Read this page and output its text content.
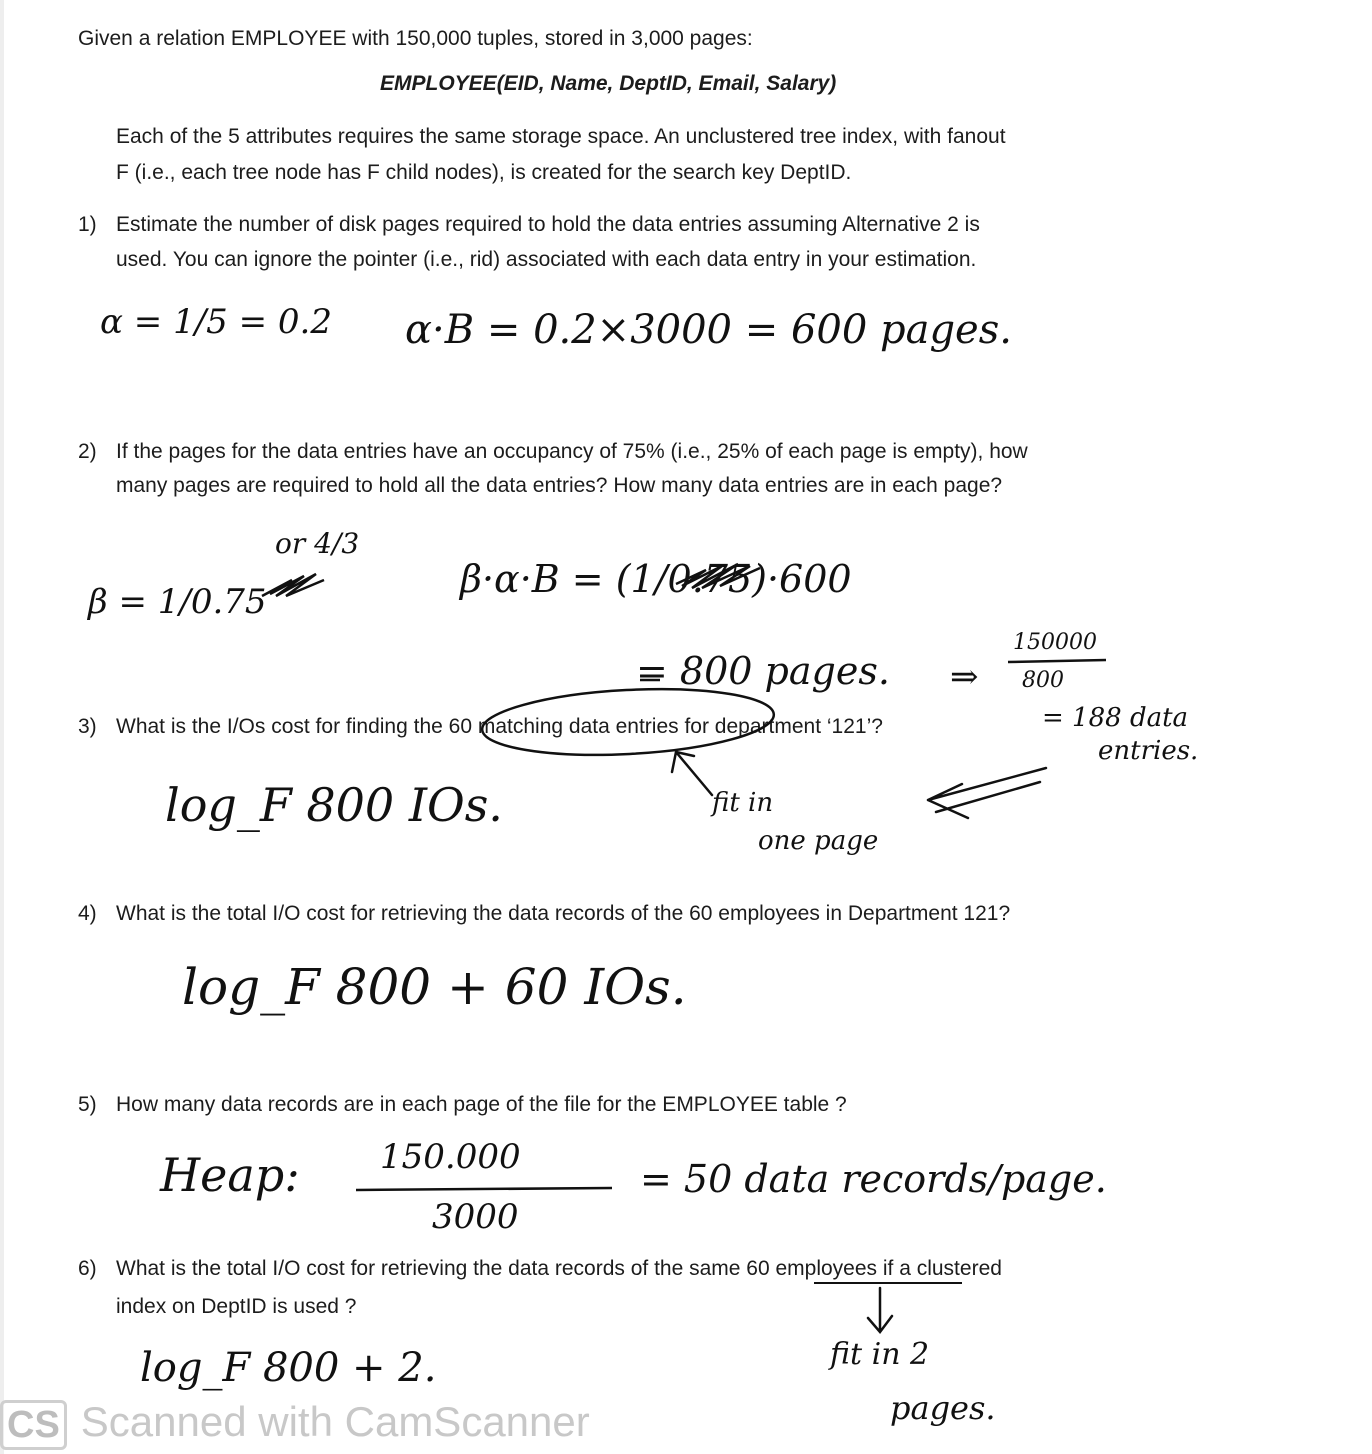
Given a relation EMPLOYEE with 150,000 tuples, stored in 3,000 pages:
EMPLOYEE(EID, Name, DeptID, Email, Salary)
Each of the 5 attributes requires the same storage space. An unclustered tree index, with fanout
F (i.e., each tree node has F child nodes), is created for the search key DeptID.
1) Estimate the number of disk pages required to hold the data entries assuming Alternative 2 is
used. You can ignore the pointer (i.e., rid) associated with each data entry in your estimation.
2) If the pages for the data entries have an occupancy of 75% (i.e., 25% of each page is empty), how
many pages are required to hold all the data entries? How many data entries are in each page?
3) What is the I/Os cost for finding the 60 matching data entries for department ‘121’?
4) What is the total I/O cost for retrieving the data records of the 60 employees in Department 121?
5) How many data records are in each page of the file for the EMPLOYEE table ?
6) What is the total I/O cost for retrieving the data records of the same 60 employees if a clustered
index on DeptID is used ?
α = 1/5 = 0.2 α·B = 0.2×3000 = 600 pages.
or 4/3
β = 1/0.75
β·α·B = (1/0.75)·600
= 800 pages. ⇒
150000
800
= 188 data
entries.
log_F 800 IOs.	fit in
one page
log_F 800 + 60 IOs.
Heap: 150.000
3000
= 50 data records/page.
log_F 800 + 2.	fit in 2
pages.
CS Scanned with CamScanner
